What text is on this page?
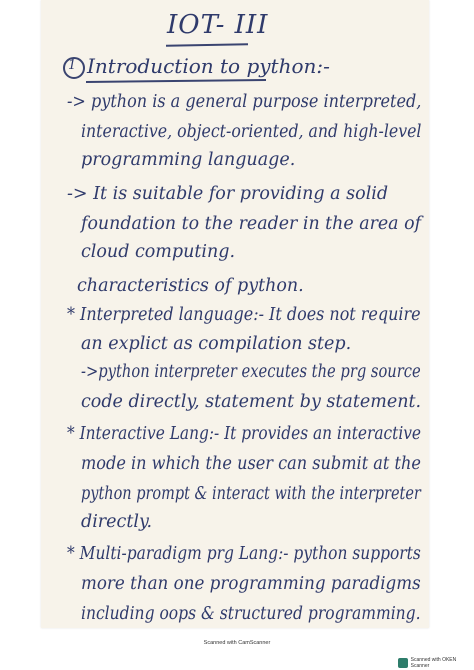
IOT- III
1 Introduction to python:-
-> python is a general purpose interpreted,
interactive, object-oriented, and high-level
programming language.
-> It is suitable for providing a solid
foundation to the reader in the area of
cloud computing.
characteristics of python.
* Interpreted language:- It does not require
an explict as compilation step.
->python interpreter executes the prg source
code directly, statement by statement.
* Interactive Lang:- It provides an interactive
mode in which the user can submit at the
python prompt & interact with the interpreter
directly.
* Multi-paradigm prg Lang:- python supports
more than one programming paradigms
including oops & structured programming.
Scanned with CamScanner
Scanned with OKEN Scanner
